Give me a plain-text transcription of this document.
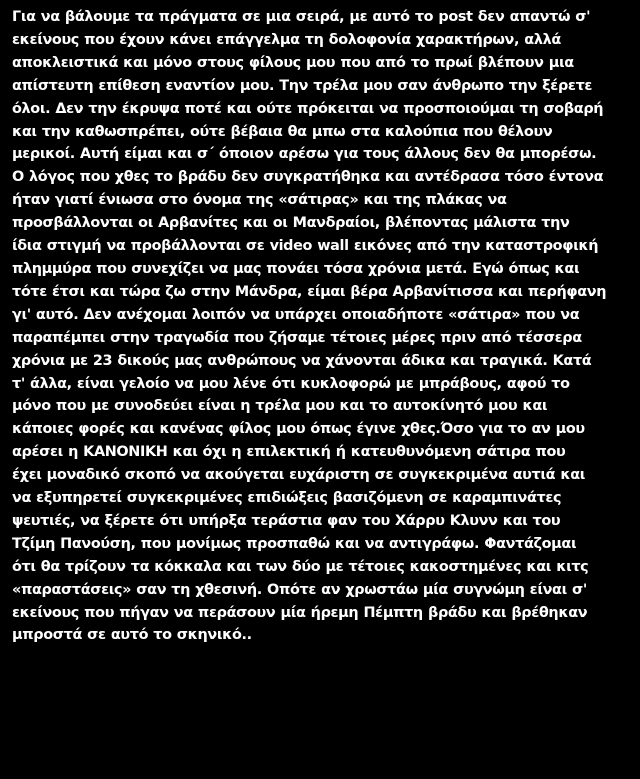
Για να βάλουμε τα πράγματα σε μια σειρά, με αυτό το post δεν απαντώ σ'
εκείνους που έχουν κάνει επάγγελμα τη δολοφονία χαρακτήρων, αλλά
αποκλειστικά και μόνο στους φίλους μου που από το πρωί βλέπουν μια
απίστευτη επίθεση εναντίον μου. Την τρέλα μου σαν άνθρωπο την ξέρετε
όλοι. Δεν την έκρυψα ποτέ και ούτε πρόκειται να προσποιούμαι τη σοβαρή
και την καθωσπρέπει, ούτε βέβαια θα μπω στα καλούπια που θέλουν
μερικοί. Αυτή είμαι και σ΄ όποιον αρέσω για τους άλλους δεν θα μπορέσω.
Ο λόγος που χθες το βράδυ δεν συγκρατήθηκα και αντέδρασα τόσο έντονα
ήταν γιατί ένιωσα στο όνομα της «σάτιρας» και της πλάκας να
προσβάλλονται οι Αρβανίτες και οι Μανδραίοι, βλέποντας μάλιστα την
ίδια στιγμή να προβάλλονται σε video wall εικόνες από την καταστροφική
πλημμύρα που συνεχίζει να μας πονάει τόσα χρόνια μετά. Εγώ όπως και
τότε έτσι και τώρα ζω στην Μάνδρα, είμαι βέρα Αρβανίτισσα και περήφανη
γι' αυτό. Δεν ανέχομαι λοιπόν να υπάρχει οποιαδήποτε «σάτιρα» που να
παραπέμπει στην τραγωδία που ζήσαμε τέτοιες μέρες πριν από τέσσερα
χρόνια με 23 δικούς μας ανθρώπους να χάνονται άδικα και τραγικά. Κατά
τ' άλλα, είναι γελοίο να μου λένε ότι κυκλοφορώ με μπράβους, αφού το
μόνο που με συνοδεύει είναι η τρέλα μου και το αυτοκίνητό μου και
κάποιες φορές και κανένας φίλος μου όπως έγινε χθες.Όσο για το αν μου
αρέσει η ΚΑΝΟΝΙΚΗ και όχι η επιλεκτική ή κατευθυνόμενη σάτιρα που
έχει μοναδικό σκοπό να ακούγεται ευχάριστη σε συγκεκριμένα αυτιά και
να εξυπηρετεί συγκεκριμένες επιδιώξεις βασιζόμενη σε καραμπινάτες
ψευτιές, να ξέρετε ότι υπήρξα τεράστια φαν του Χάρρυ Κλυνν και του
Τζίμη Πανούση, που μονίμως προσπαθώ και να αντιγράφω. Φαντάζομαι
ότι θα τρίζουν τα κόκκαλα και των δύο με τέτοιες κακοστημένες και κιτς
«παραστάσεις» σαν τη χθεσινή. Οπότε αν χρωστάω μία συγνώμη είναι σ'
εκείνους που πήγαν να περάσουν μία ήρεμη Πέμπτη βράδυ και βρέθηκαν
μπροστά σε αυτό το σκηνικό..
